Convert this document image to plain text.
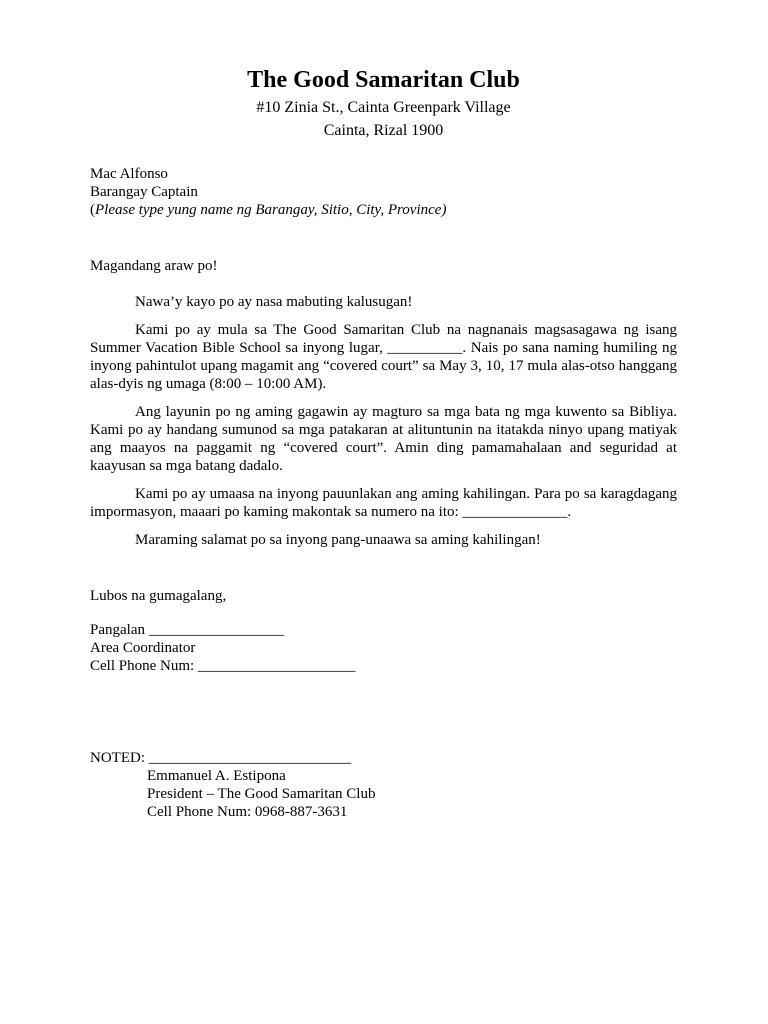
The Good Samaritan Club

#10 Zinia St., Cainta Greenpark Village

Cainta, Rizal 1900

Mac Alfonso
Barangay Captain
(Please type yung name ng Barangay, Sitio, City, Province)
Magandang araw po!

Nawa’y kayo po ay nasa mabuting kalusugan!

Kami po ay mula sa The Good Samaritan Club na nagnanais magsasagawa ng isang Summer Vacation Bible School sa inyong lugar, __________. Nais po sana naming humiling ng inyong pahintulot upang magamit ang “covered court” sa May 3, 10, 17 mula alas-otso hanggang alas-dyis ng umaga (8:00 – 10:00 AM).

Ang layunin po ng aming gagawin ay magturo sa mga bata ng mga kuwento sa Bibliya. Kami po ay handang sumunod sa mga patakaran at alituntunin na itatakda ninyo upang matiyak ang maayos na paggamit ng “covered court”. Amin ding pamamahalaan and seguridad at kaayusan sa mga batang dadalo.

Kami po ay umaasa na inyong pauunlakan ang aming kahilingan. Para po sa karagdagang impormasyon, maaari po kaming makontak sa numero na ito: ______________.

Maraming salamat po sa inyong pang-unaawa sa aming kahilingan!

Lubos na gumagalang,
Pangalan __________________
Area Coordinator
Cell Phone Num: _____________________
NOTED: ___________________________
Emmanuel A. Estipona
President – The Good Samaritan Club
Cell Phone Num: 0968-887-3631
